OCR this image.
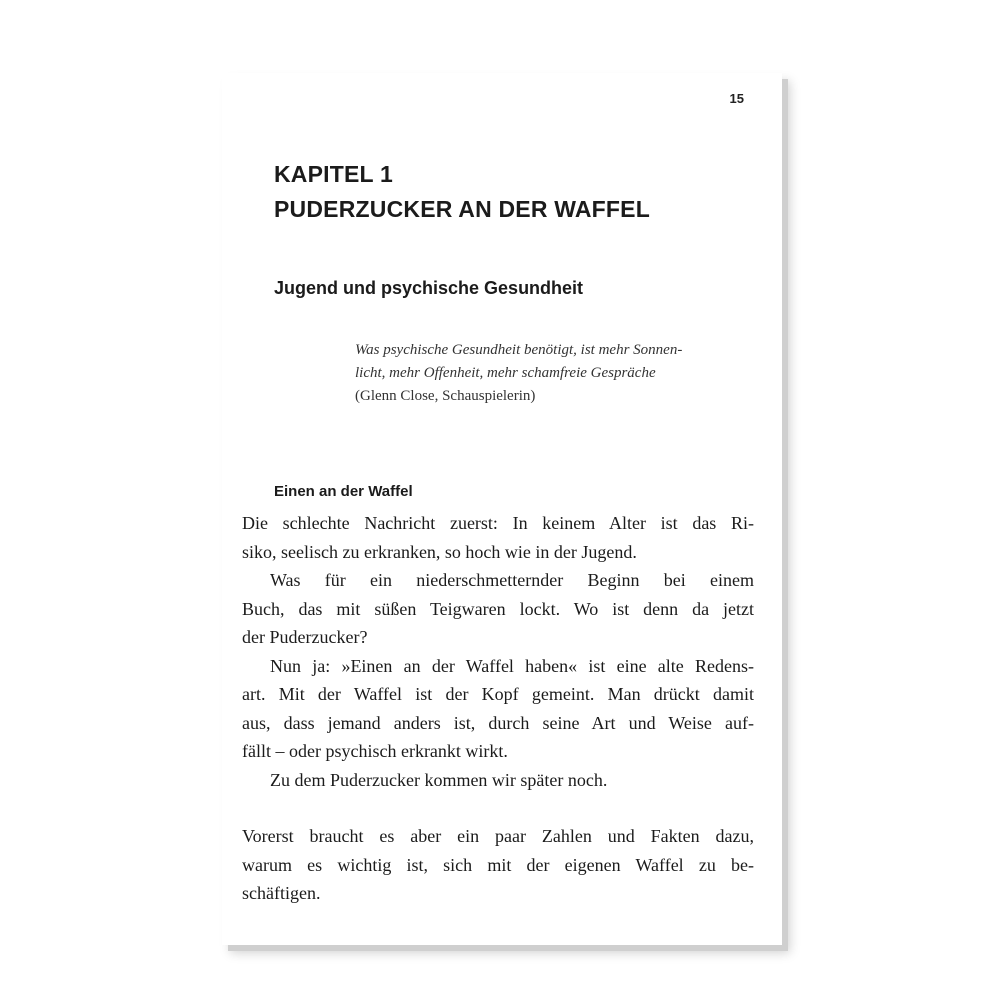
15
KAPITEL 1
PUDERZUCKER AN DER WAFFEL
Jugend und psychische Gesundheit
Was psychische Gesundheit benötigt, ist mehr Sonnen-
licht, mehr Offenheit, mehr schamfreie Gespräche
(Glenn Close, Schauspielerin)
Einen an der Waffel
Die schlechte Nachricht zuerst: In keinem Alter ist das Ri-
siko, seelisch zu erkranken, so hoch wie in der Jugend.
Was für ein niederschmetternder Beginn bei einem
Buch, das mit süßen Teigwaren lockt. Wo ist denn da jetzt
der Puderzucker?
Nun ja: »Einen an der Waffel haben« ist eine alte Redens-
art. Mit der Waffel ist der Kopf gemeint. Man drückt damit
aus, dass jemand anders ist, durch seine Art und Weise auf-
fällt – oder psychisch erkrankt wirkt.
Zu dem Puderzucker kommen wir später noch.
Vorerst braucht es aber ein paar Zahlen und Fakten dazu,
warum es wichtig ist, sich mit der eigenen Waffel zu be-
schäftigen.
